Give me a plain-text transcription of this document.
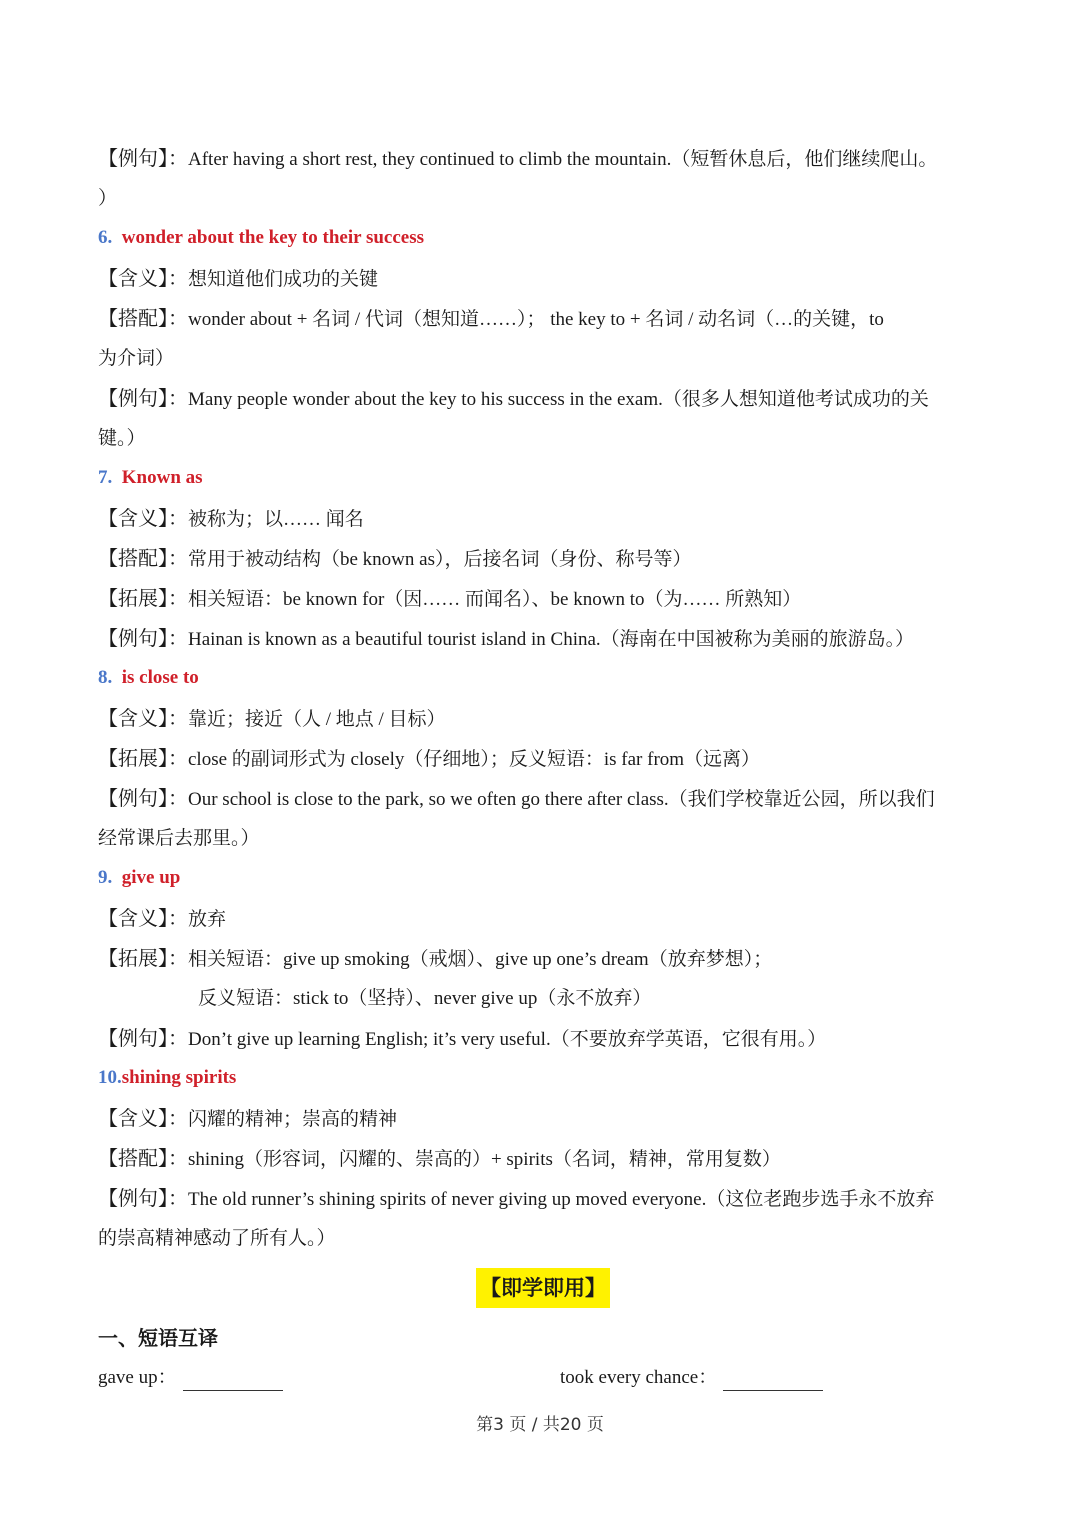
【例句】：After having a short rest, they continued to climb the mountain.（短暂休息后，他们继续爬山。
）
6. wonder about the key to their success
【含义】：想知道他们成功的关键
【搭配】：wonder about + 名词 / 代词（想知道……）； the key to + 名词 / 动名词（…的关键，to
为介词）
【例句】：Many people wonder about the key to his success in the exam.（很多人想知道他考试成功的关
键。）
7. Known as
【含义】：被称为；以…… 闻名
【搭配】：常用于被动结构（be known as），后接名词（身份、称号等）
【拓展】：相关短语：be known for（因…… 而闻名）、be known to（为…… 所熟知）
【例句】：Hainan is known as a beautiful tourist island in China.（海南在中国被称为美丽的旅游岛。）
8. is close to
【含义】：靠近；接近（人 / 地点 / 目标）
【拓展】：close 的副词形式为 closely（仔细地）；反义短语：is far from（远离）
【例句】：Our school is close to the park, so we often go there after class.（我们学校靠近公园，所以我们
经常课后去那里。）
9. give up
【含义】：放弃
【拓展】：相关短语：give up smoking（戒烟）、give up one’s dream（放弃梦想）；
反义短语：stick to（坚持）、never give up（永不放弃）
【例句】：Don’t give up learning English; it’s very useful.（不要放弃学英语，它很有用。）
10.shining spirits
【含义】：闪耀的精神；崇高的精神
【搭配】：shining（形容词，闪耀的、崇高的）+ spirits（名词，精神，常用复数）
【例句】：The old runner’s shining spirits of never giving up moved everyone.（这位老跑步选手永不放弃
的崇高精神感动了所有人。）
【即学即用】
一、短语互译
gave up：	took every chance：
第3 页 / 共20 页
